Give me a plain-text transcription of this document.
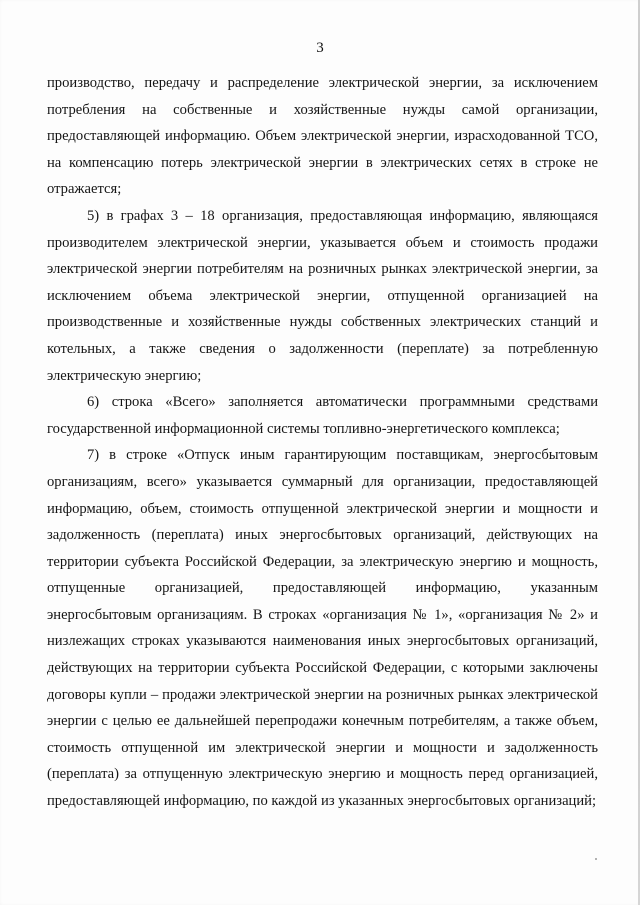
3

производство, передачу и распределение электрической энергии, за исключением потребления на собственные и хозяйственные нужды самой организации, предоставляющей информацию. Объем электрической энергии, израсходованной ТСО, на компенсацию потерь электрической энергии в электрических сетях в строке не отражается;

5) в графах 3 – 18 организация, предоставляющая информацию, являющаяся производителем электрической энергии, указывается объем и стоимость продажи электрической энергии потребителям на розничных рынках электрической энергии, за исключением объема электрической энергии, отпущенной организацией на производственные и хозяйственные нужды собственных электрических станций и котельных, а также сведения о задолженности (переплате) за потребленную электрическую энергию;

6) строка «Всего» заполняется автоматически программными средствами государственной информационной системы топливно-энергетического комплекса;

7) в строке «Отпуск иным гарантирующим поставщикам, энергосбытовым организациям, всего» указывается суммарный для организации, предоставляющей информацию, объем, стоимость отпущенной электрической энергии и мощности и задолженность (переплата) иных энергосбытовых организаций, действующих на территории субъекта Российской Федерации, за электрическую энергию и мощность, отпущенные организацией, предоставляющей информацию, указанным энергосбытовым организациям. В строках «организация № 1», «организация № 2» и низлежащих строках указываются наименования иных энергосбытовых организаций, действующих на территории субъекта Российской Федерации, с которыми заключены договоры купли – продажи электрической энергии на розничных рынках электрической энергии с целью ее дальнейшей перепродажи конечным потребителям, а также объем, стоимость отпущенной им электрической энергии и мощности и задолженность (переплата) за отпущенную электрическую энергию и мощность перед организацией, предоставляющей информацию, по каждой из указанных энергосбытовых организаций;
